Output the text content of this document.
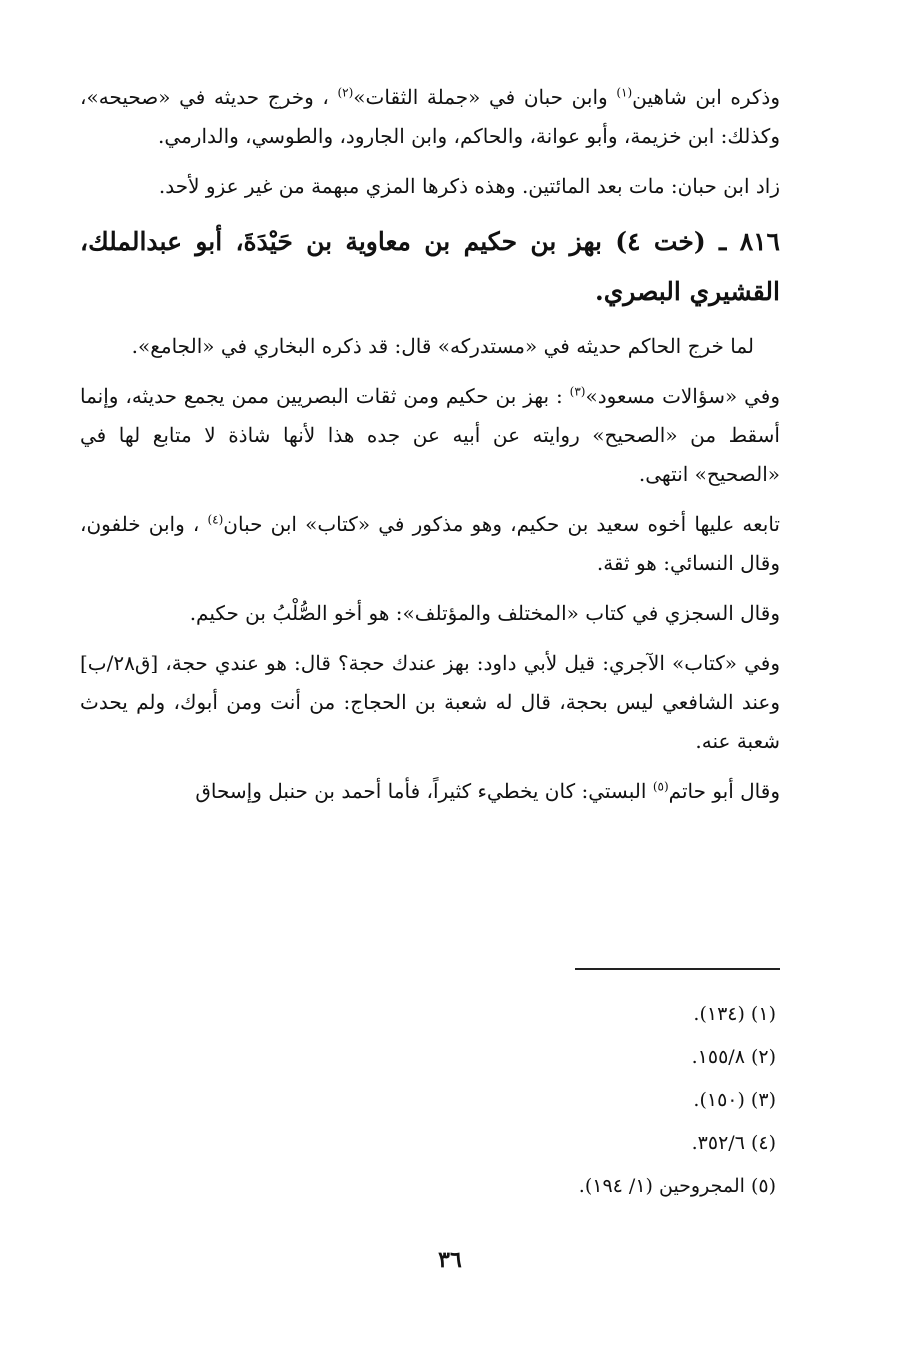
وذكره ابن شاهين$^{(١)}$ وابن حبان في «جملة الثقات»$^{(٢)}$ ، وخرج حديثه في «صحيحه»، وكذلك: ابن خزيمة، وأبو عوانة، والحاكم، وابن الجارود، والطوسي، والدارمي.

زاد ابن حبان: مات بعد المائتين. وهذه ذكرها المزي مبهمة من غير عزو لأحد.

٨١٦ ـ (خت ٤) بهز بن حكيم بن معاوية بن حَيْدَةَ، أبو عبدالملك، القشيري البصري.

لما خرج الحاكم حديثه في «مستدركه» قال: قد ذكره البخاري في «الجامع».

وفي «سؤالات مسعود»$^{(٣)}$ : بهز بن حكيم ومن ثقات البصريين ممن يجمع حديثه، وإنما أسقط من «الصحيح» روايته عن أبيه عن جده هذا لأنها شاذة لا متابع لها في «الصحيح» انتهى.

تابعه عليها أخوه سعيد بن حكيم، وهو مذكور في «كتاب» ابن حبان$^{(٤)}$ ، وابن خلفون، وقال النسائي: هو ثقة.

وقال السجزي في كتاب «المختلف والمؤتلف»: هو أخو الصُّلْبُ بن حكيم.

وفي «كتاب» الآجري: قيل لأبي داود: بهز عندك حجة؟ قال: هو عندي حجة، [ق٢٨/ب] وعند الشافعي ليس بحجة، قال له شعبة بن الحجاج: من أنت ومن أبوك، ولم يحدث شعبة عنه.

وقال أبو حاتم$^{(٥)}$ البستي: كان يخطيء كثيراً، فأما أحمد بن حنبل وإسحاق

(١) (١٣٤).
(٢) ١٥٥/٨.
(٣) (١٥٠).
(٤) ٣٥٢/٦.
(٥) المجروحين (١/ ١٩٤).
٣٦
